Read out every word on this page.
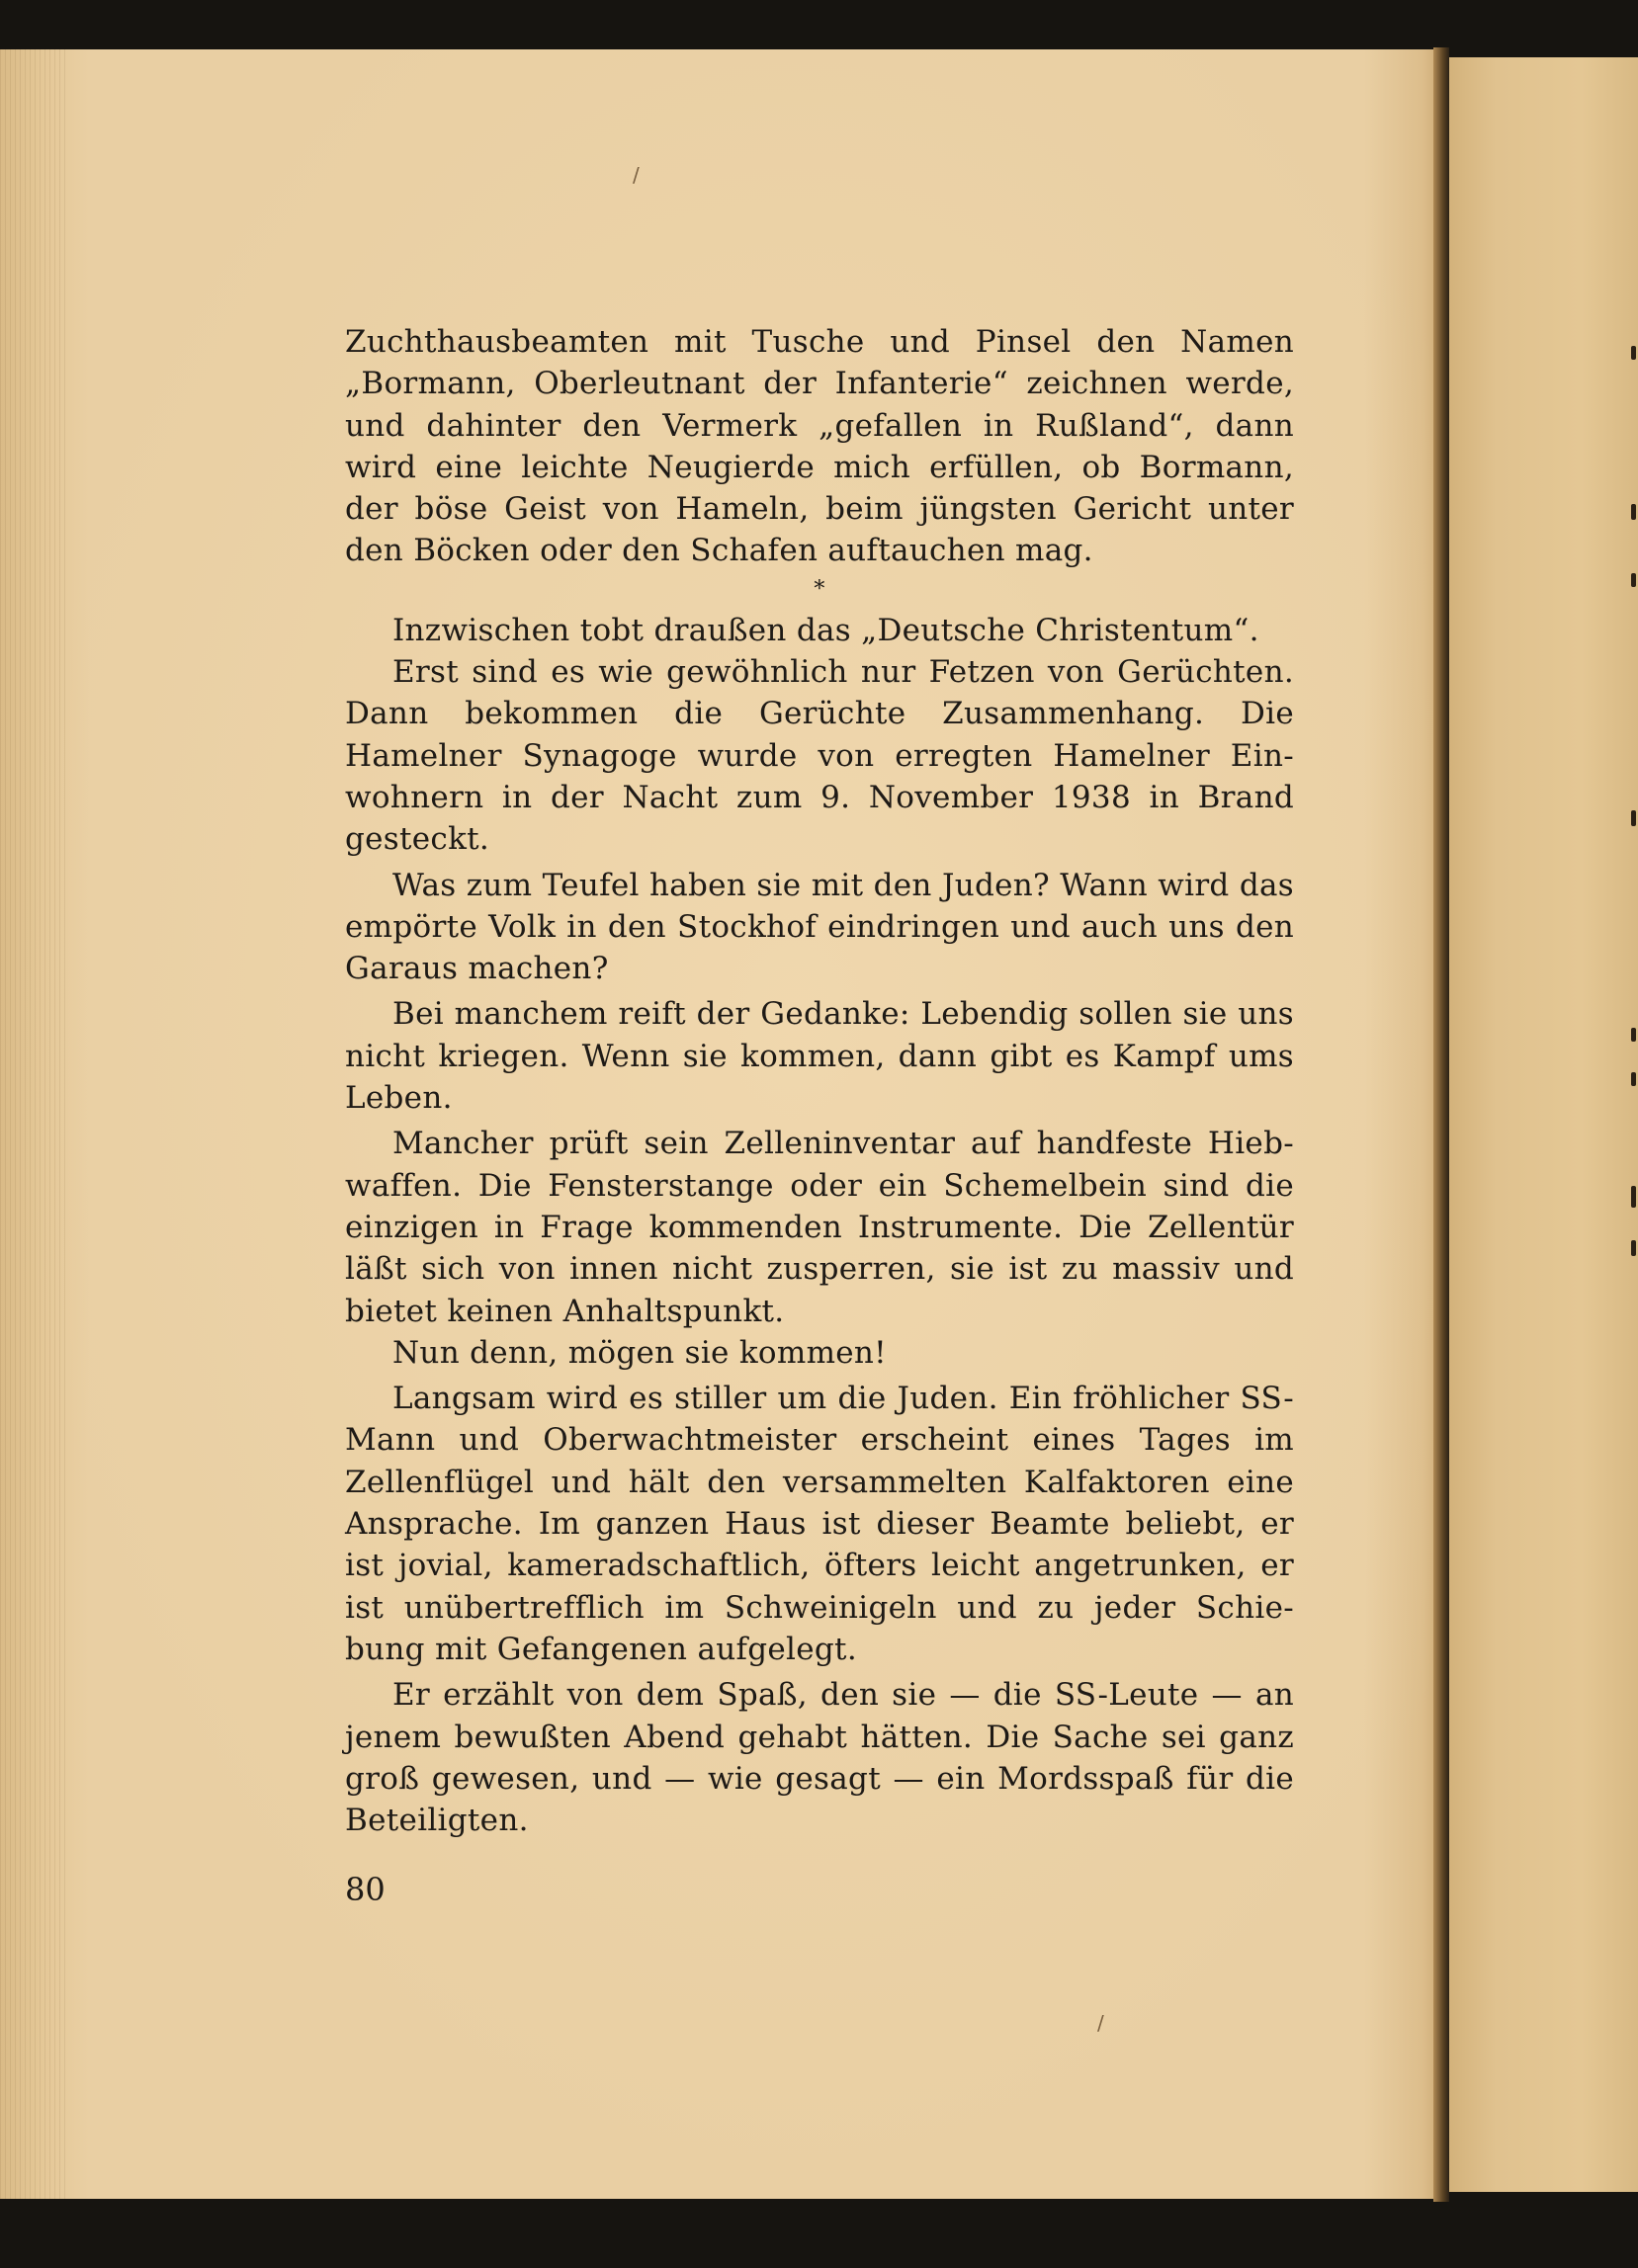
/
/

Zuchthausbeamten mit Tusche und Pinsel den Namen „Bormann, Oberleutnant der Infanterie“ zeichnen werde, und dahinter den Vermerk „gefallen in Rußland“, dann wird eine leichte Neugierde mich erfüllen, ob Bormann, der böse Geist von Hameln, beim jüngsten Gericht unter den Böcken oder den Schafen auftauchen mag.

*

Inzwischen tobt draußen das „Deutsche Christentum“.

Erst sind es wie gewöhnlich nur Fetzen von Gerüchten. Dann bekommen die Gerüchte Zusammenhang. Die Hamelner Synagoge wurde von erregten Hamelner Ein-wohnern in der Nacht zum 9. November 1938 in Brand gesteckt.

Was zum Teufel haben sie mit den Juden? Wann wird das empörte Volk in den Stockhof eindringen und auch uns den Garaus machen?

Bei manchem reift der Gedanke: Lebendig sollen sie uns nicht kriegen. Wenn sie kommen, dann gibt es Kampf ums Leben.

Mancher prüft sein Zelleninventar auf handfeste Hieb-waffen. Die Fensterstange oder ein Schemelbein sind die einzigen in Frage kommenden Instrumente. Die Zellentür läßt sich von innen nicht zusperren, sie ist zu massiv und bietet keinen Anhaltspunkt.

Nun denn, mögen sie kommen!

Langsam wird es stiller um die Juden. Ein fröhlicher SS-Mann und Oberwachtmeister erscheint eines Tages im Zellenflügel und hält den versammelten Kalfaktoren eine Ansprache. Im ganzen Haus ist dieser Beamte beliebt, er ist jovial, kameradschaftlich, öfters leicht angetrunken, er ist unübertrefflich im Schweinigeln und zu jeder Schie-bung mit Gefangenen aufgelegt.

Er erzählt von dem Spaß, den sie — die SS-Leute — an jenem bewußten Abend gehabt hätten. Die Sache sei ganz groß gewesen, und — wie gesagt — ein Mordsspaß für die Beteiligten.

80
